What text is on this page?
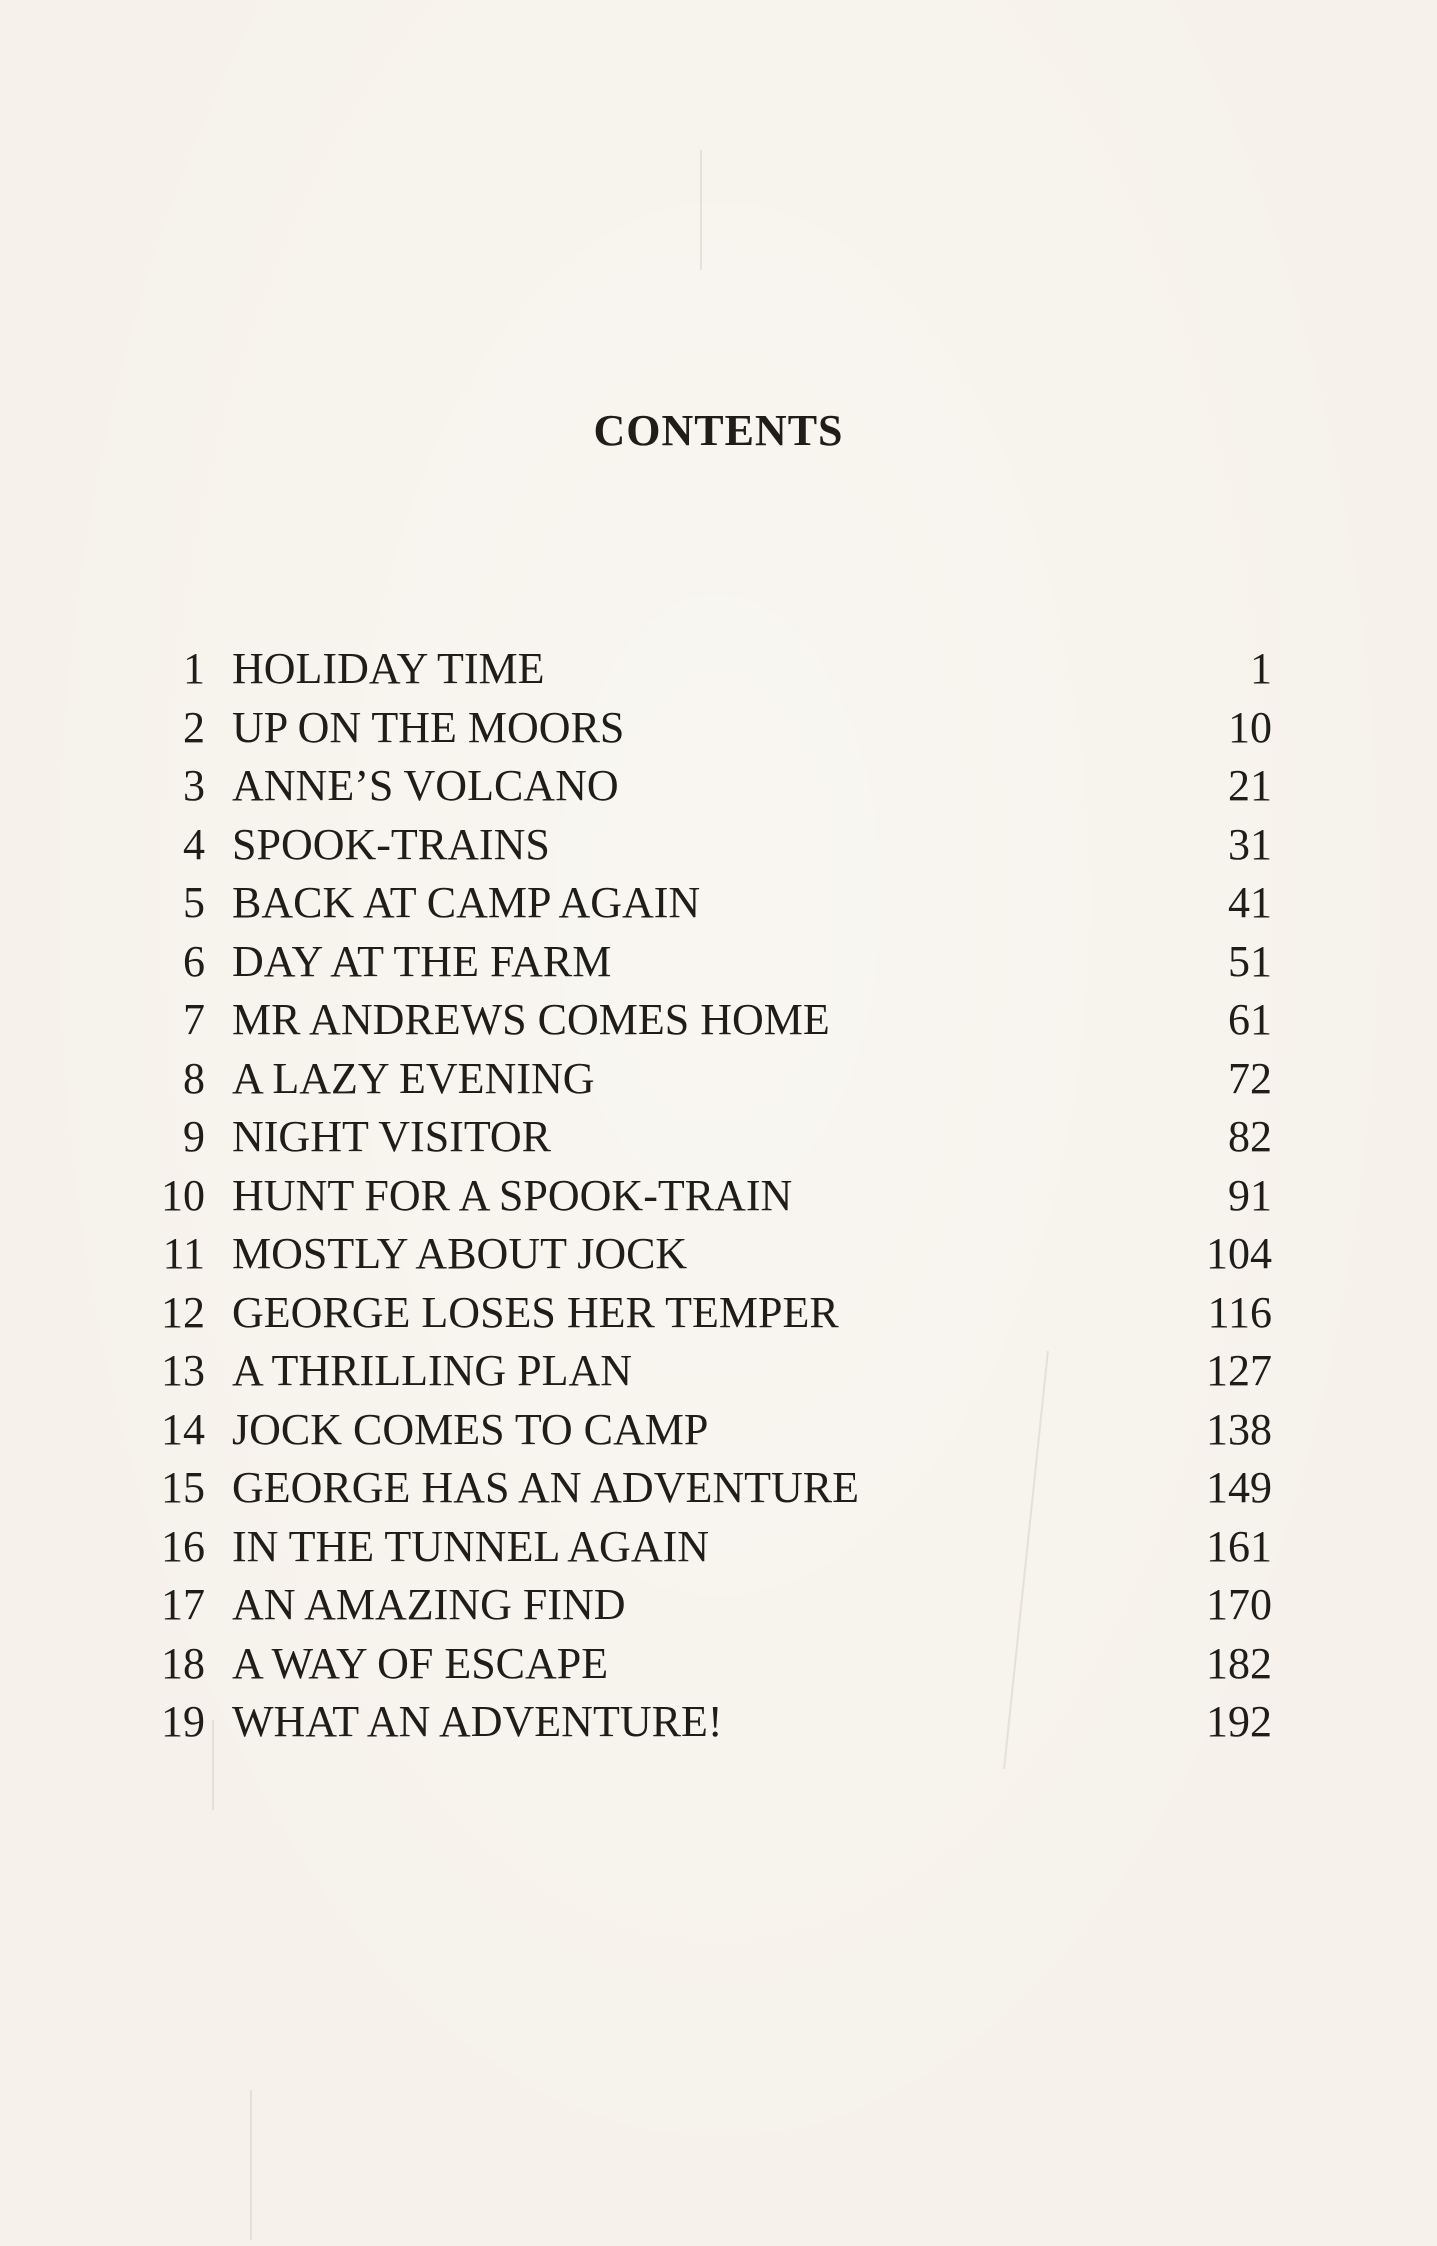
CONTENTS
1 HOLIDAY TIME	1
2 UP ON THE MOORS	10
3 ANNE’S VOLCANO	21
4 SPOOK-TRAINS	31
5 BACK AT CAMP AGAIN	41
6 DAY AT THE FARM	51
7 MR ANDREWS COMES HOME	61
8 A LAZY EVENING	72
9 NIGHT VISITOR	82
10 HUNT FOR A SPOOK-TRAIN	91
11 MOSTLY ABOUT JOCK	104
12 GEORGE LOSES HER TEMPER	116
13 A THRILLING PLAN	127
14 JOCK COMES TO CAMP	138
15 GEORGE HAS AN ADVENTURE	149
16 IN THE TUNNEL AGAIN	161
17 AN AMAZING FIND	170
18 A WAY OF ESCAPE	182
19 WHAT AN ADVENTURE!	192
